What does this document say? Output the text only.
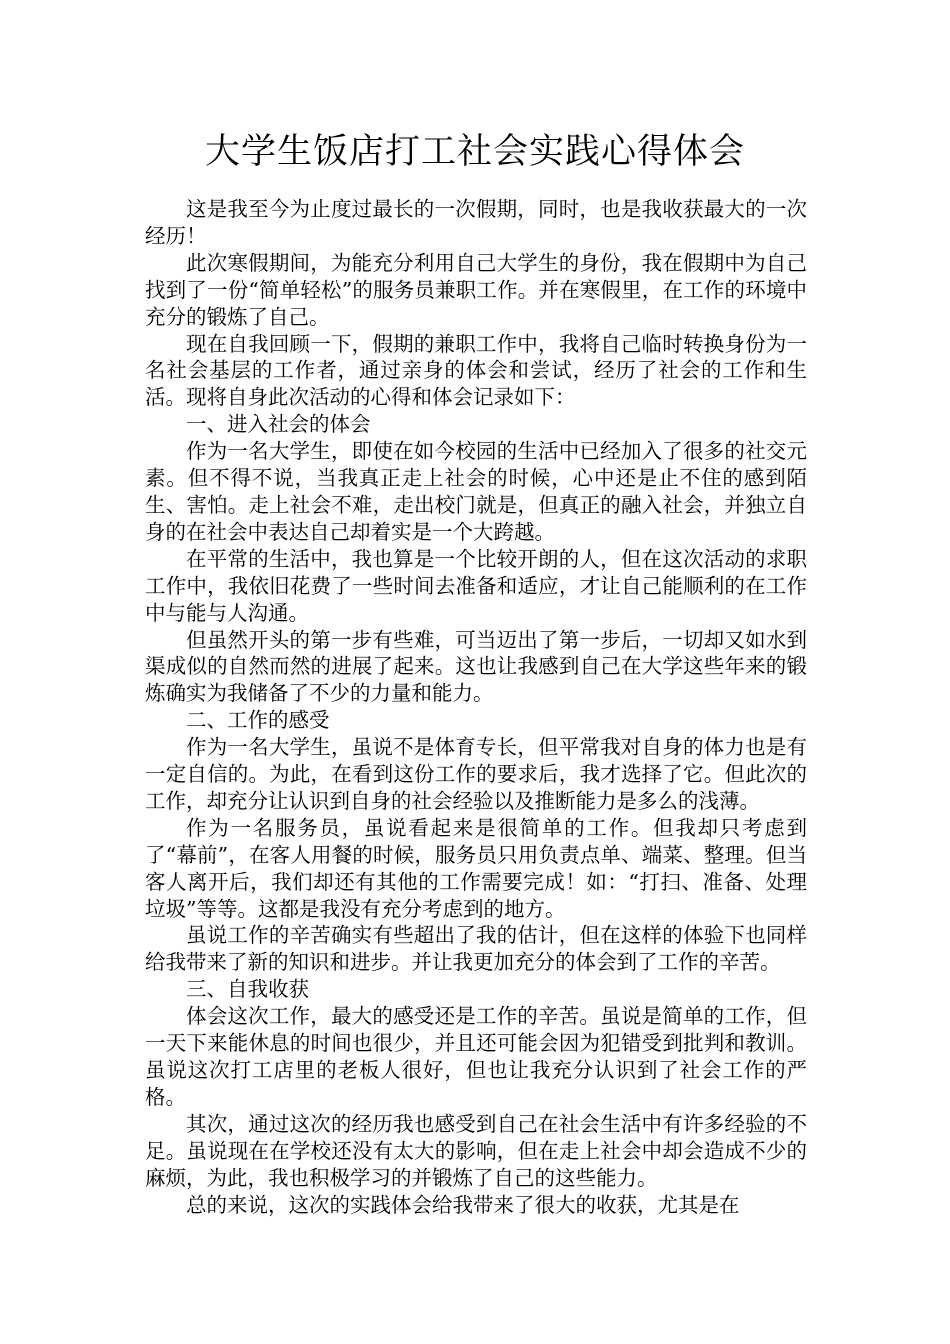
大学生饭店打工社会实践心得体会

这是我至今为止度过最长的一次假期，同时，也是我收获最大的一次经历！

此次寒假期间，为能充分利用自己大学生的身份，我在假期中为自己找到了一份“简单轻松”的服务员兼职工作。并在寒假里，在工作的环境中充分的锻炼了自己。

现在自我回顾一下，假期的兼职工作中，我将自己临时转换身份为一名社会基层的工作者，通过亲身的体会和尝试，经历了社会的工作和生活。现将自身此次活动的心得和体会记录如下：

一、进入社会的体会

作为一名大学生，即使在如今校园的生活中已经加入了很多的社交元素。但不得不说，当我真正走上社会的时候，心中还是止不住的感到陌生、害怕。走上社会不难，走出校门就是，但真正的融入社会，并独立自身的在社会中表达自己却着实是一个大跨越。

在平常的生活中，我也算是一个比较开朗的人，但在这次活动的求职工作中，我依旧花费了一些时间去准备和适应，才让自己能顺利的在工作中与能与人沟通。

但虽然开头的第一步有些难，可当迈出了第一步后，一切却又如水到渠成似的自然而然的进展了起来。这也让我感到自己在大学这些年来的锻炼确实为我储备了不少的力量和能力。

二、工作的感受

作为一名大学生，虽说不是体育专长，但平常我对自身的体力也是有一定自信的。为此，在看到这份工作的要求后，我才选择了它。但此次的工作，却充分让认识到自身的社会经验以及推断能力是多么的浅薄。

作为一名服务员，虽说看起来是很简单的工作。但我却只考虑到了“幕前”，在客人用餐的时候，服务员只用负责点单、端菜、整理。但当客人离开后，我们却还有其他的工作需要完成！如：“打扫、准备、处理垃圾”等等。这都是我没有充分考虑到的地方。

虽说工作的辛苦确实有些超出了我的估计，但在这样的体验下也同样给我带来了新的知识和进步。并让我更加充分的体会到了工作的辛苦。

三、自我收获

体会这次工作，最大的感受还是工作的辛苦。虽说是简单的工作，但一天下来能休息的时间也很少，并且还可能会因为犯错受到批判和教训。虽说这次打工店里的老板人很好，但也让我充分认识到了社会工作的严格。

其次，通过这次的经历我也感受到自己在社会生活中有许多经验的不足。虽说现在在学校还没有太大的影响，但在走上社会中却会造成不少的麻烦，为此，我也积极学习的并锻炼了自己的这些能力。

总的来说，这次的实践体会给我带来了很大的收获，尤其是在
